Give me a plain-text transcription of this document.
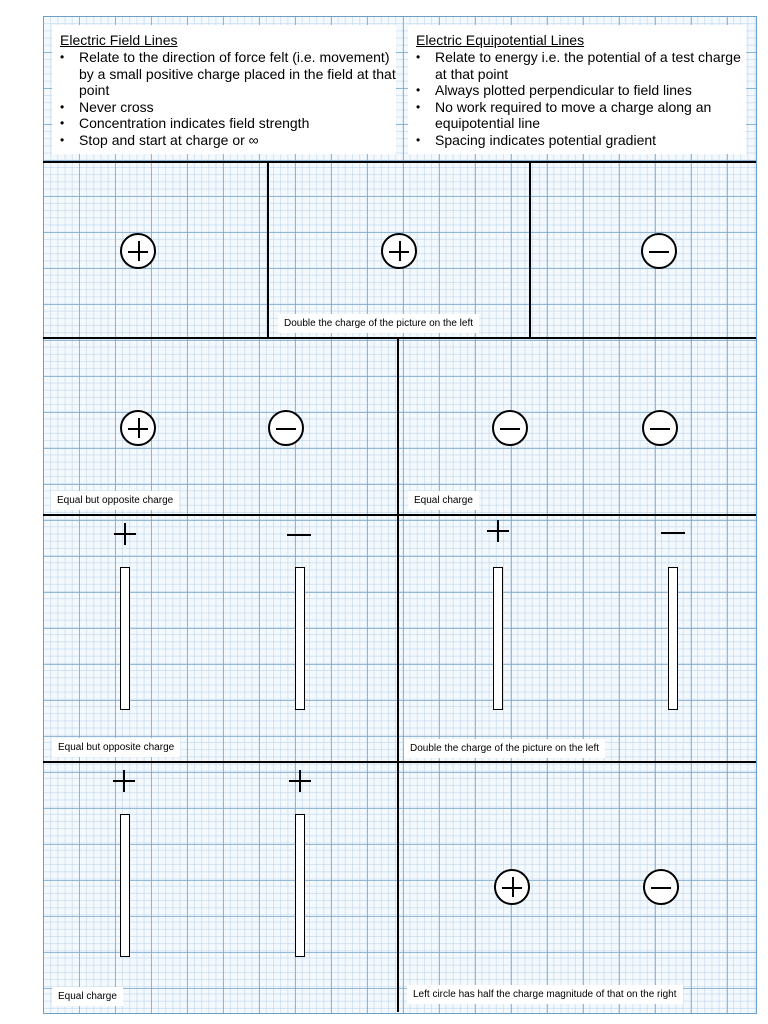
Electric Field Lines
• Relate to the direction of force felt (i.e. movement) by a small positive charge placed in the field at that point
• Never cross
• Concentration indicates field strength
• Stop and start at charge or ∞
Electric Equipotential Lines
• Relate to energy i.e. the potential of a test charge at that point
• Always plotted perpendicular to field lines
• No work required to move a charge along an equipotential line
• Spacing indicates potential gradient
Double the charge of the picture on the left
Equal but opposite charge	Equal charge
Equal but opposite charge	Double the charge of the picture on the left
Equal charge	Left circle has half the charge magnitude of that on the right
